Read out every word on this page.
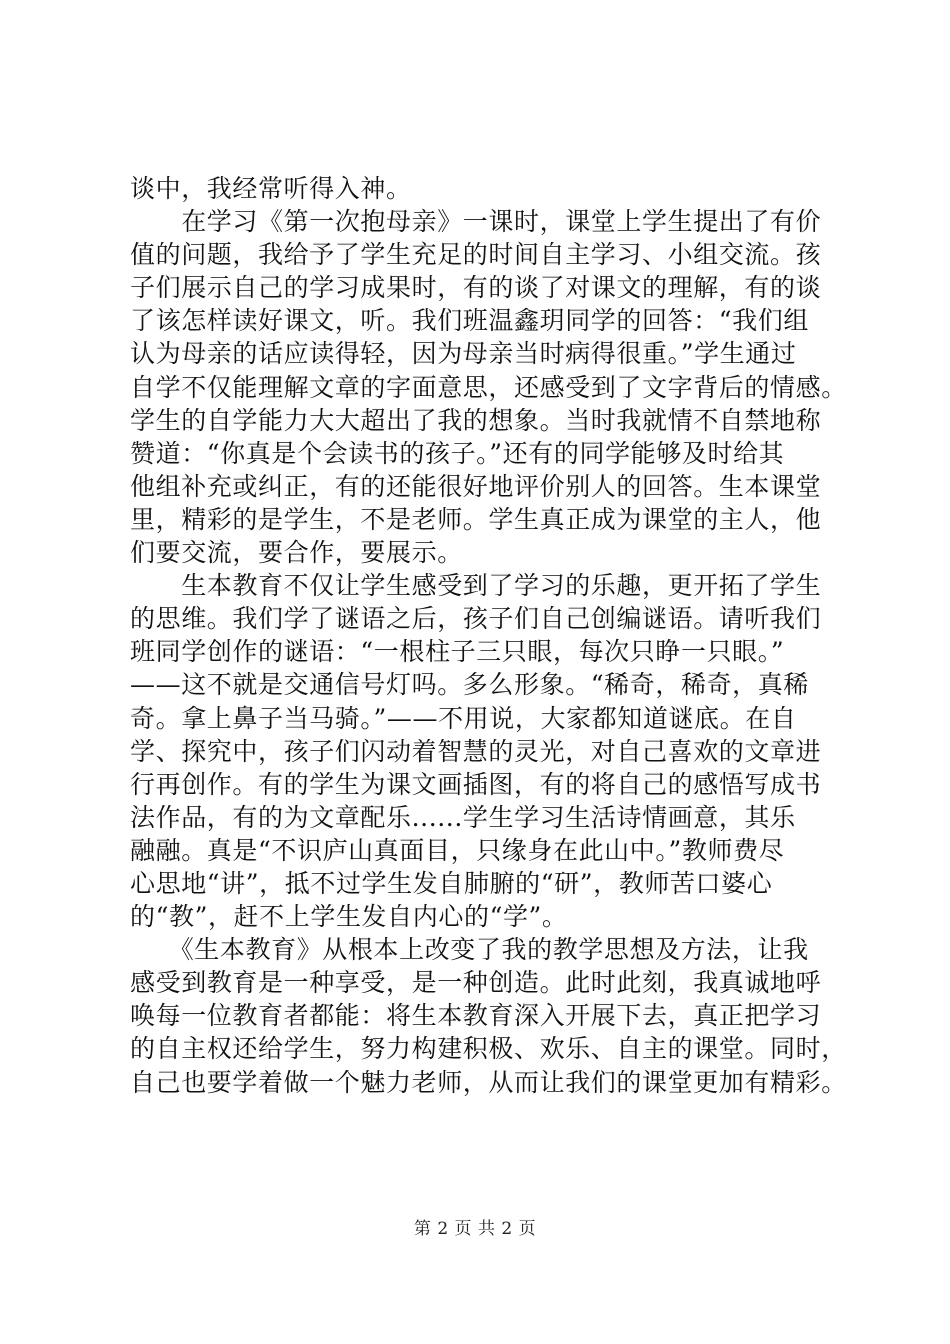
谈中，我经常听得入神。
　　在学习《第一次抱母亲》一课时，课堂上学生提出了有价
值的问题，我给予了学生充足的时间自主学习、小组交流。孩
子们展示自己的学习成果时，有的谈了对课文的理解，有的谈
了该怎样读好课文，听。我们班温鑫玥同学的回答：“我们组
认为母亲的话应读得轻，因为母亲当时病得很重。”学生通过
自学不仅能理解文章的字面意思，还感受到了文字背后的情感。
学生的自学能力大大超出了我的想象。当时我就情不自禁地称
赞道：“你真是个会读书的孩子。”还有的同学能够及时给其
他组补充或纠正，有的还能很好地评价别人的回答。生本课堂
里，精彩的是学生，不是老师。学生真正成为课堂的主人，他
们要交流，要合作，要展示。
　　生本教育不仅让学生感受到了学习的乐趣，更开拓了学生
的思维。我们学了谜语之后，孩子们自己创编谜语。请听我们
班同学创作的谜语：“一根柱子三只眼，每次只睁一只眼。”
——这不就是交通信号灯吗。多么形象。“稀奇，稀奇，真稀
奇。拿上鼻子当马骑。”——不用说，大家都知道谜底。在自
学、探究中，孩子们闪动着智慧的灵光，对自己喜欢的文章进
行再创作。有的学生为课文画插图，有的将自己的感悟写成书
法作品，有的为文章配乐......学生学习生活诗情画意，其乐
融融。真是“不识庐山真面目，只缘身在此山中。”教师费尽
心思地“讲”，抵不过学生发自肺腑的“研”，教师苦口婆心
的“教”，赶不上学生发自内心的“学”。
　　《生本教育》从根本上改变了我的教学思想及方法，让我
感受到教育是一种享受，是一种创造。此时此刻，我真诚地呼
唤每一位教育者都能：将生本教育深入开展下去，真正把学习
的自主权还给学生，努力构建积极、欢乐、自主的课堂。同时，
自己也要学着做一个魅力老师，从而让我们的课堂更加有精彩。
第 2 页 共 2 页
